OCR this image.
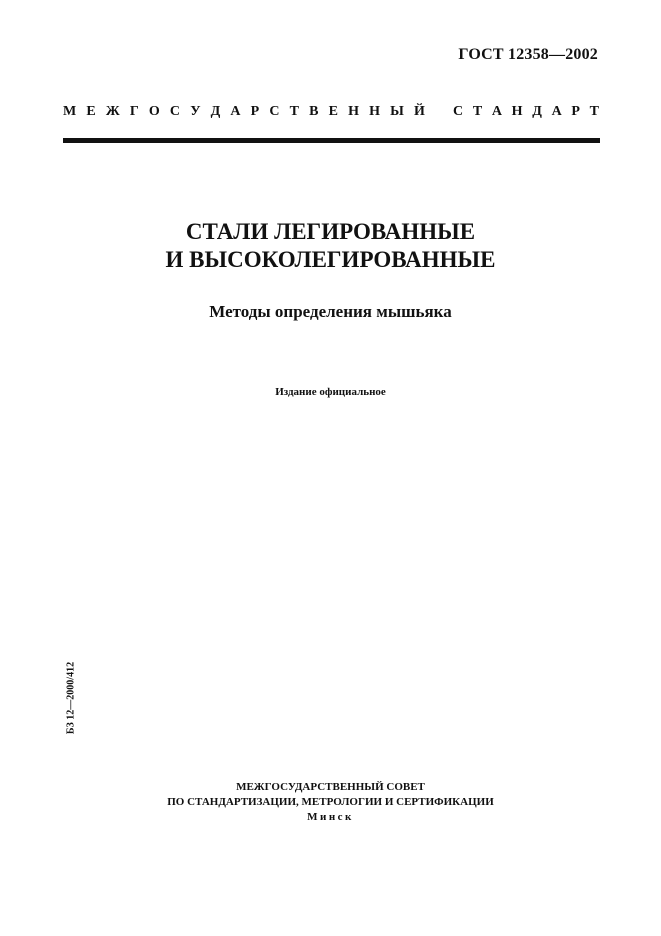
ГОСТ 12358—2002
М Е Ж Г О С У Д А Р С Т В Е Н Н Ы Й С Т А Н Д А Р Т
СТАЛИ ЛЕГИРОВАННЫЕ
И ВЫСОКОЛЕГИРОВАННЫЕ
Методы определения мышьяка
Издание официальное
БЗ 12—2000/412
МЕЖГОСУДАРСТВЕННЫЙ СОВЕТ
ПО СТАНДАРТИЗАЦИИ, МЕТРОЛОГИИ И СЕРТИФИКАЦИИ
Минск
